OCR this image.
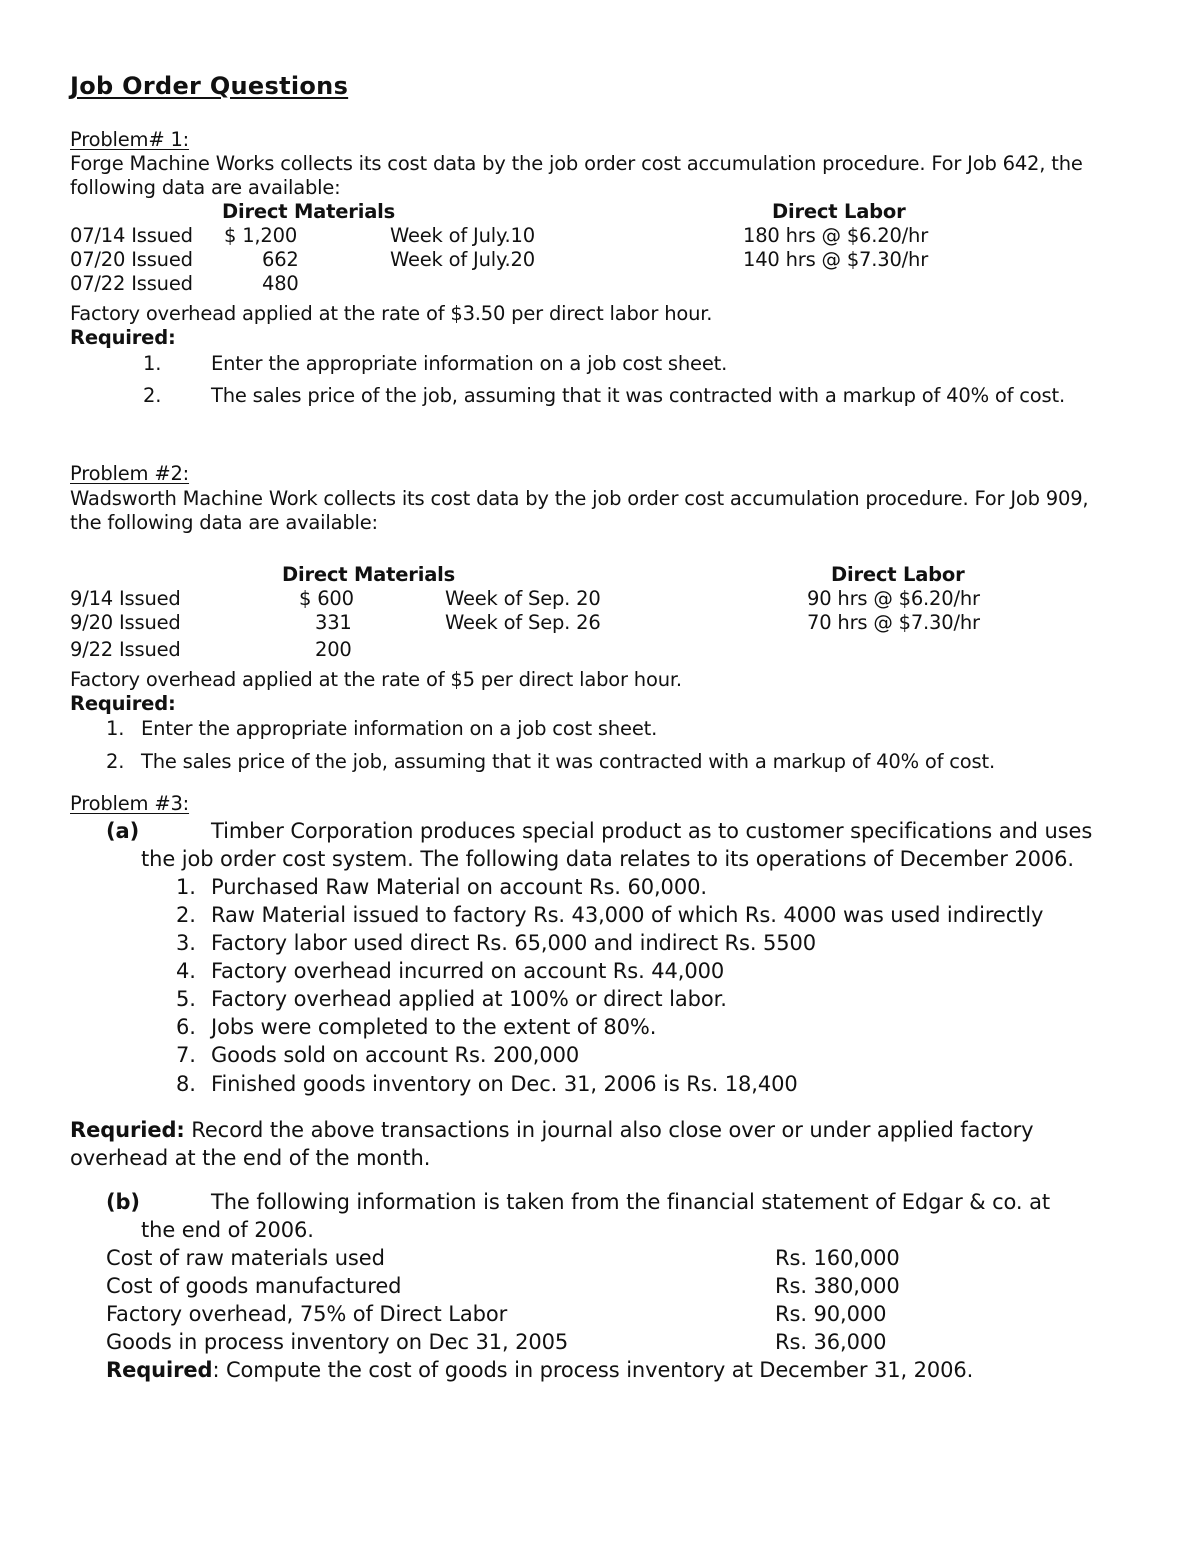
Job Order Questions
Problem# 1:
Forge Machine Works collects its cost data by the job order cost accumulation procedure. For Job 642, the
following data are available:
Direct Materials	Direct Labor
07/14 Issued $ 1,200	Week of July.10	180 hrs @ $6.20/hr
07/20 Issued	662	Week of July.20	140 hrs @ $7.30/hr
07/22 Issued	480
Factory overhead applied at the rate of $3.50 per direct labor hour.
Required:
1.	Enter the appropriate information on a job cost sheet.
2.	The sales price of the job, assuming that it was contracted with a markup of 40% of cost.
Problem #2:
Wadsworth Machine Work collects its cost data by the job order cost accumulation procedure. For Job 909,
the following data are available:
Direct Materials	Direct Labor
9/14 Issued	$ 600	Week of Sep. 20	90 hrs @ $6.20/hr
9/20 Issued	331	Week of Sep. 26	70 hrs @ $7.30/hr
9/22 Issued	200
Factory overhead applied at the rate of $5 per direct labor hour.
Required:
1. Enter the appropriate information on a job cost sheet.
2. The sales price of the job, assuming that it was contracted with a markup of 40% of cost.
Problem #3:
(a)	Timber Corporation produces special product as to customer specifications and uses
the job order cost system. The following data relates to its operations of December 2006.
1. Purchased Raw Material on account Rs. 60,000.
2. Raw Material issued to factory Rs. 43,000 of which Rs. 4000 was used indirectly
3. Factory labor used direct Rs. 65,000 and indirect Rs. 5500
4. Factory overhead incurred on account Rs. 44,000
5. Factory overhead applied at 100% or direct labor.
6. Jobs were completed to the extent of 80%.
7. Goods sold on account Rs. 200,000
8. Finished goods inventory on Dec. 31, 2006 is Rs. 18,400
Requried: Record the above transactions in journal also close over or under applied factory
overhead at the end of the month.
(b)	The following information is taken from the financial statement of Edgar & co. at
the end of 2006.
Cost of raw materials used	Rs. 160,000
Cost of goods manufactured	Rs. 380,000
Factory overhead, 75% of Direct Labor	Rs. 90,000
Goods in process inventory on Dec 31, 2005	Rs. 36,000
Required: Compute the cost of goods in process inventory at December 31, 2006.
